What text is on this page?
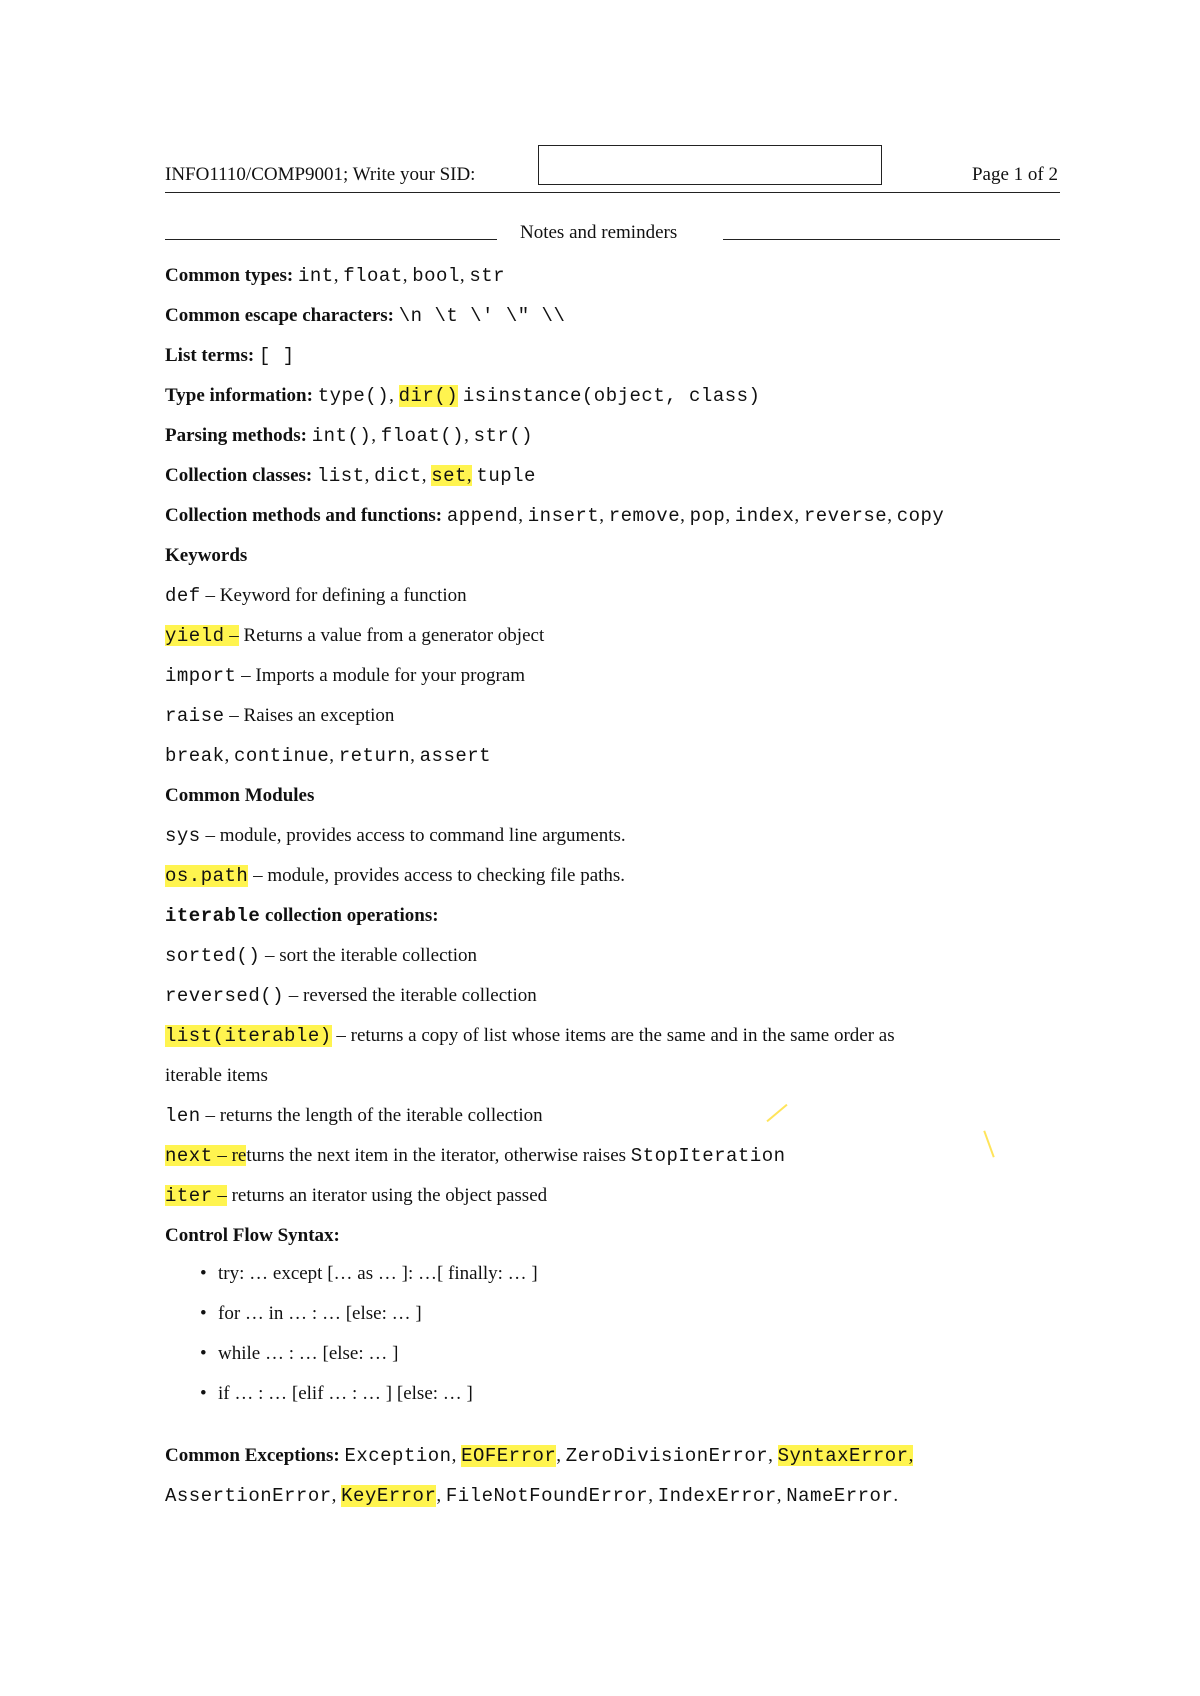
INFO1110/COMP9001; Write your SID:	Page 1 of 2
Notes and reminders
Common types: int, float, bool, str
Common escape characters: \n \t \' \" \\
List terms: [ ]
Type information: type(), dir() isinstance(object, class)
Parsing methods: int(), float(), str()
Collection classes: list, dict, set, tuple
Collection methods and functions: append, insert, remove, pop, index, reverse, copy
Keywords
def – Keyword for defining a function
yield – Returns a value from a generator object
import – Imports a module for your program
raise – Raises an exception
break, continue, return, assert
Common Modules
sys – module, provides access to command line arguments.
os.path – module, provides access to checking file paths.
iterable collection operations:
sorted() – sort the iterable collection
reversed() – reversed the iterable collection
list(iterable) – returns a copy of list whose items are the same and in the same order as
iterable items
len – returns the length of the iterable collection
next – returns the next item in the iterator, otherwise raises StopIteration
iter – returns an iterator using the object passed
Control Flow Syntax:
• try: … except [… as … ]: …[ finally: … ]
• for … in … : … [else: … ]
• while … : … [else: … ]
• if … : … [elif … : … ] [else: … ]
Common Exceptions: Exception, EOFError, ZeroDivisionError, SyntaxError,
AssertionError, KeyError, FileNotFoundError, IndexError, NameError.
